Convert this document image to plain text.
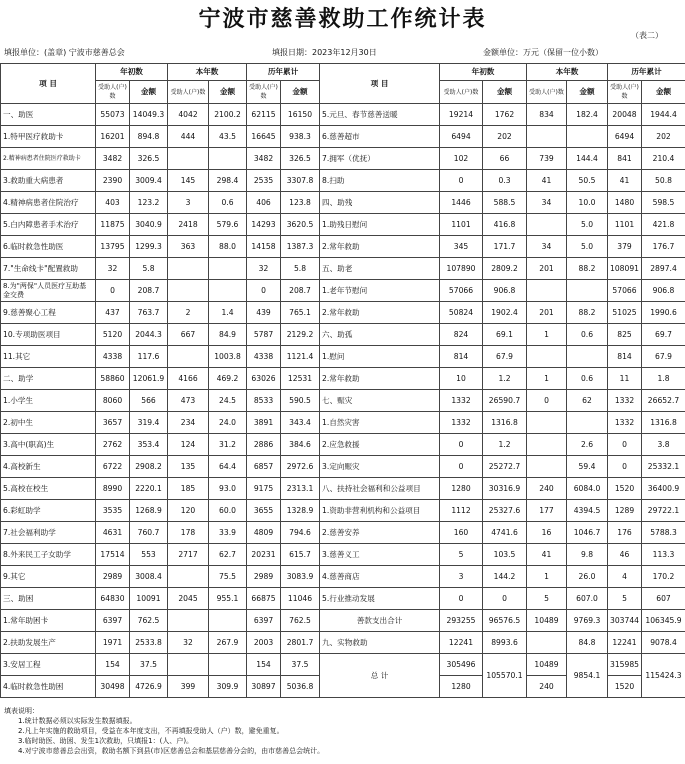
宁波市慈善救助工作统计表
（表二）
填报单位：(盖章) 宁波市慈善总会	填报日期：2023年12月30日	金额单位：万元（保留一位小数）
项 目	年初数		本年数		历年累计		项 目	年初数		本年数		历年累计	
	受助人(户)数	金额	受助人(户)数	金额	受助人(户)数	金额		受助人(户)数	金额	受助人(户)数	金额	受助人(户)数	金额
一、助医	55073	14049.3	4042	2100.2	62115	16150	5.元旦、春节慈善送暖	19214	1762	834	182.4	20048	1944.4
1.特甲医疗救助卡	16201	894.8	444	43.5	16645	938.3	6.慈善超市	6494	202			6494	202
2.精神病患者住院医疗救助卡	3482	326.5			3482	326.5	7.拥军（优抚）	102	66	739	144.4	841	210.4
3.救助重大病患者	2390	3009.4	145	298.4	2535	3307.8	8.扫助	0	0.3	41	50.5	41	50.8
4.精神病患者住院治疗	403	123.2	3	0.6	406	123.8	四、助残	1446	588.5	34	10.0	1480	598.5
5.白内障患者手术治疗	11875	3040.9	2418	579.6	14293	3620.5	1.助残日慰问	1101	416.8		5.0	1101	421.8
6.临时救急性助医	13795	1299.3	363	88.0	14158	1387.3	2.常年救助	345	171.7	34	5.0	379	176.7
7."生命线卡"配置救助	32	5.8			32	5.8	五、助老	107890	2809.2	201	88.2	108091	2897.4
8.为"两保"人员医疗互助基金交费	0	208.7			0	208.7	1.老年节慰问	57066	906.8			57066	906.8
9.慈善聚心工程	437	763.7	2	1.4	439	765.1	2.常年救助	50824	1902.4	201	88.2	51025	1990.6
10.专项助医项目	5120	2044.3	667	84.9	5787	2129.2	六、助孤	824	69.1	1	0.6	825	69.7
11.其它	4338	117.6		1003.8	4338	1121.4	1.慰问	814	67.9			814	67.9
二、助学	58860	12061.9	4166	469.2	63026	12531	2.常年救助	10	1.2	1	0.6	11	1.8
1.小学生	8060	566	473	24.5	8533	590.5	七、赈灾	1332	26590.7	0	62	1332	26652.7
2.初中生	3657	319.4	234	24.0	3891	343.4	1.自然灾害	1332	1316.8			1332	1316.8
3.高中(职高)生	2762	353.4	124	31.2	2886	384.6	2.应急救援	0	1.2		2.6	0	3.8
4.高校新生	6722	2908.2	135	64.4	6857	2972.6	3.定向赈灾	0	25272.7		59.4	0	25332.1
5.高校在校生	8990	2220.1	185	93.0	9175	2313.1	八、扶持社会福利和公益项目	1280	30316.9	240	6084.0	1520	36400.9
6.彩虹助学	3535	1268.9	120	60.0	3655	1328.9	1.资助非营利机构和公益项目	1112	25327.6	177	4394.5	1289	29722.1
7.社会福利助学	4631	760.7	178	33.9	4809	794.6	2.慈善安养	160	4741.6	16	1046.7	176	5788.3
8.外来民工子女助学	17514	553	2717	62.7	20231	615.7	3.慈善义工	5	103.5	41	9.8	46	113.3
9.其它	2989	3008.4		75.5	2989	3083.9	4.慈善商店	3	144.2	1	26.0	4	170.2
三、助困	64830	10091	2045	955.1	66875	11046	5.行业推动发展	0	0	5	607.0	5	607
1.常年助困卡	6397	762.5			6397	762.5	善款支出合计	293255	96576.5	10489	9769.3	303744	106345.9
2.扶助发展生产	1971	2533.8	32	267.9	2003	2801.7	九、实物救助	12241	8993.6		84.8	12241	9078.4
3.安居工程	154	37.5			154	37.5	总 计	305496	105570.1	10489	9854.1	315985	115424.3
4.临时救急性助困	30498	4726.9	399	309.9	30897	5036.8		1280		240		1520	
填表说明：
1.统计数据必须以实际发生数据填报。
2.凡上年实施的救助项目，受益在本年度支出，不再填报受助人（户）数，避免重复。
3.临时助医、助困、发生1次救助，只填报1：(人、户)。
4.对宁波市慈善总会出资，救助名额下到县(市)区慈善总会和基层慈善分会的，由市慈善总会统计。
